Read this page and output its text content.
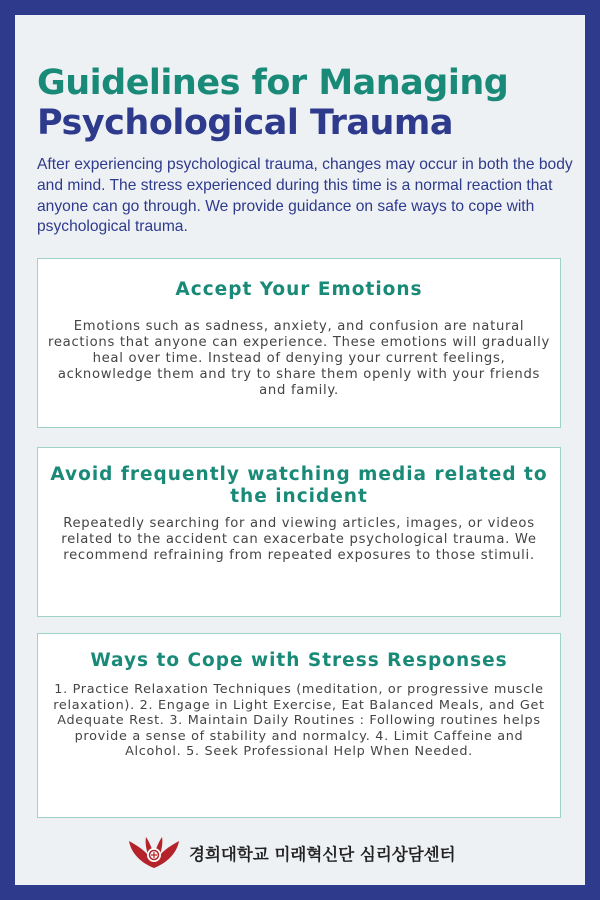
Guidelines for Managing
Psychological Trauma

After experiencing psychological trauma, changes may occur in both the body and mind. The stress experienced during this time is a normal reaction that anyone can go through. We provide guidance on safe ways to cope with psychological trauma.

Accept Your Emotions

Emotions such as sadness, anxiety, and confusion are natural reactions that anyone can experience. These emotions will gradually heal over time. Instead of denying your current feelings, acknowledge them and try to share them openly with your friends and family.

Avoid frequently watching media related to the incident

Repeatedly searching for and viewing articles, images, or videos related to the accident can exacerbate psychological trauma. We recommend refraining from repeated exposures to those stimuli.

Ways to Cope with Stress Responses

1. Practice Relaxation Techniques (meditation, or progressive muscle relaxation). 2. Engage in Light Exercise, Eat Balanced Meals, and Get Adequate Rest. 3. Maintain Daily Routines : Following routines helps provide a sense of stability and normalcy. 4. Limit Caffeine and Alcohol. 5. Seek Professional Help When Needed.

경희대학교 미래혁신단 심리상담센터
